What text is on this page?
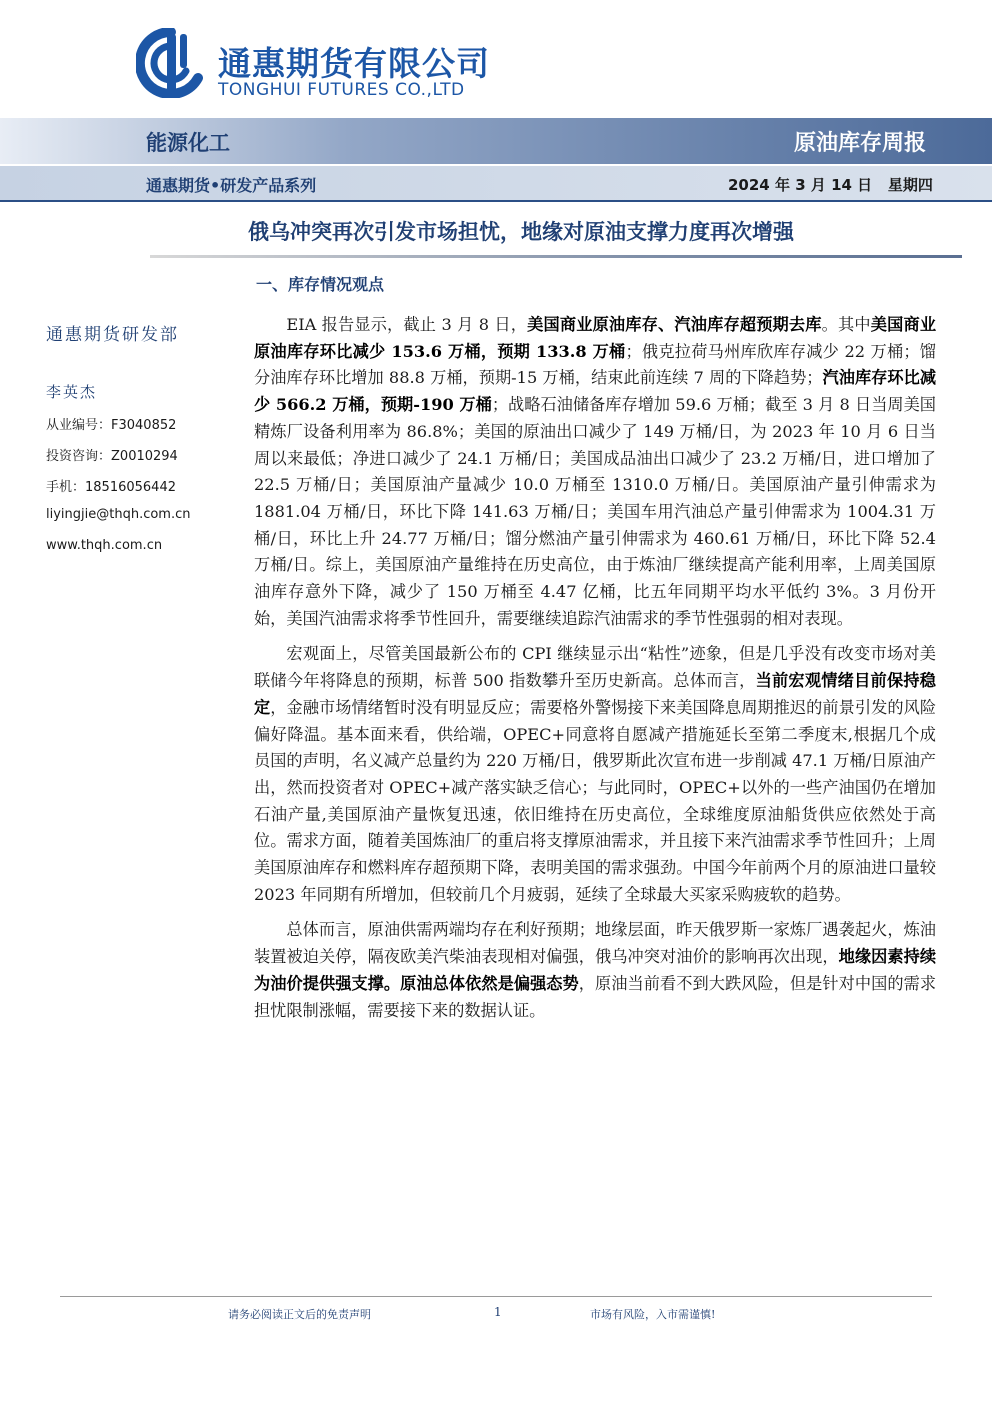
通惠期货有限公司
TONGHUI FUTURES CO.,LTD
能源化工	原油库存周报
通惠期货•研发产品系列	2024 年 3 月 14 日   星期四
俄乌冲突再次引发市场担忧，地缘对原油支撑力度再次增强
通惠期货研发部
李英杰
从业编号：F3040852
投资咨询：Z0010294
手机：18516056442
liyingjie@thqh.com.cn
www.thqh.com.cn
一、库存情况观点

EIA 报告显示，截止 3 月 8 日，美国商业原油库存、汽油库存超预期去库。其中美国商业原油库存环比减少 153.6 万桶，预期 133.8 万桶；俄克拉荷马州库欣库存减少 22 万桶；馏分油库存环比增加 88.8 万桶，预期-15 万桶，结束此前连续 7 周的下降趋势；汽油库存环比减少 566.2 万桶，预期-190 万桶；战略石油储备库存增加 59.6 万桶；截至 3 月 8 日当周美国精炼厂设备利用率为 86.8%；美国的原油出口减少了 149 万桶/日，为 2023 年 10 月 6 日当周以来最低；净进口减少了 24.1 万桶/日；美国成品油出口减少了 23.2 万桶/日，进口增加了 22.5 万桶/日；美国原油产量减少 10.0 万桶至 1310.0 万桶/日。美国原油产量引伸需求为 1881.04 万桶/日，环比下降 141.63 万桶/日；美国车用汽油总产量引伸需求为 1004.31 万桶/日，环比上升 24.77 万桶/日；馏分燃油产量引伸需求为 460.61 万桶/日，环比下降 52.4 万桶/日。综上，美国原油产量维持在历史高位，由于炼油厂继续提高产能利用率，上周美国原油库存意外下降，减少了 150 万桶至 4.47 亿桶，比五年同期平均水平低约 3%。3 月份开始，美国汽油需求将季节性回升，需要继续追踪汽油需求的季节性强弱的相对表现。

宏观面上，尽管美国最新公布的 CPI 继续显示出“粘性”迹象，但是几乎没有改变市场对美联储今年将降息的预期，标普 500 指数攀升至历史新高。总体而言，当前宏观情绪目前保持稳定，金融市场情绪暂时没有明显反应；需要格外警惕接下来美国降息周期推迟的前景引发的风险偏好降温。基本面来看，供给端，OPEC+同意将自愿减产措施延长至第二季度末,根据几个成员国的声明，名义减产总量约为 220 万桶/日，俄罗斯此次宣布进一步削减 47.1 万桶/日原油产出，然而投资者对 OPEC+减产落实缺乏信心；与此同时，OPEC+以外的一些产油国仍在增加石油产量,美国原油产量恢复迅速，依旧维持在历史高位，全球维度原油船货供应依然处于高位。需求方面，随着美国炼油厂的重启将支撑原油需求，并且接下来汽油需求季节性回升；上周美国原油库存和燃料库存超预期下降，表明美国的需求强劲。中国今年前两个月的原油进口量较 2023 年同期有所增加，但较前几个月疲弱，延续了全球最大买家采购疲软的趋势。

总体而言，原油供需两端均存在利好预期；地缘层面，昨天俄罗斯一家炼厂遇袭起火，炼油装置被迫关停，隔夜欧美汽柴油表现相对偏强，俄乌冲突对油价的影响再次出现，地缘因素持续为油价提供强支撑。原油总体依然是偏强态势，原油当前看不到大跌风险，但是针对中国的需求担忧限制涨幅，需要接下来的数据认证。

请务必阅读正文后的免责声明	1	市场有风险，入市需谨慎!
